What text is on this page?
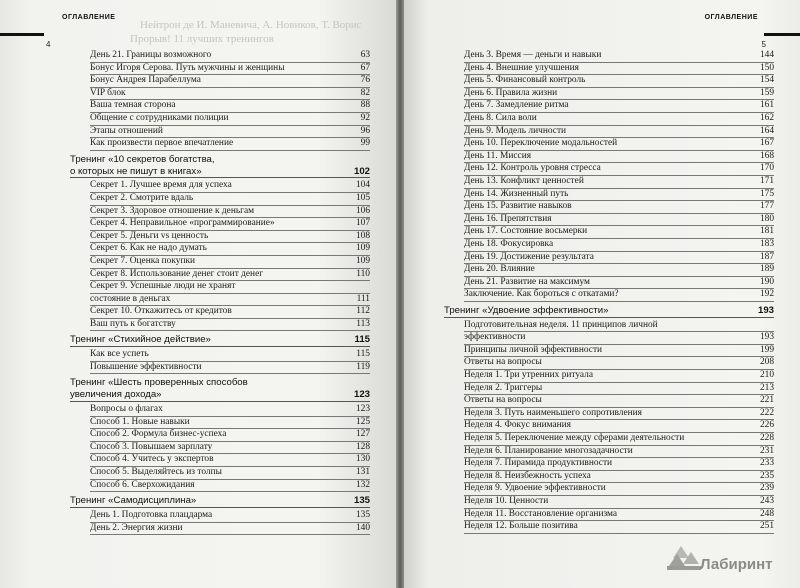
ОГЛАВЛЕНИЕ
4
Нейтрон де И. Маневича, А. Новиков, Т. Ворис
Прорыв! 11 лучших тренингов
День 21. Границы возможного	63
Бонус Игоря Серова. Путь мужчины и женщины	67
Бонус Андрея Парабеллума	76
VIP блок	82
Ваша темная сторона	88
Общение с сотрудниками полиции	92
Этапы отношений	96
Как произвести первое впечатление	99
Тренинг «10 секретов богатства,
о которых не пишут в книгах»	102
Секрет 1. Лучшее время для успеха	104
Секрет 2. Смотрите вдаль	105
Секрет 3. Здоровое отношение к деньгам	106
Секрет 4. Неправильное «программирование»	107
Секрет 5. Деньги vs ценность	108
Секрет 6. Как не надо думать	109
Секрет 7. Оценка покупки	109
Секрет 8. Использование денег стоит денег	110
Секрет 9. Успешные люди не хранят
состояние в деньгах	111
Секрет 10. Откажитесь от кредитов	112
Ваш путь к богатству	113
Тренинг «Стихийное действие»	115
Как все успеть	115
Повышение эффективности	119
Тренинг «Шесть проверенных способов
увеличения дохода»	123
Вопросы о флагах	123
Способ 1. Новые навыки	125
Способ 2. Формула бизнес-успеха	127
Способ 3. Повышаем зарплату	128
Способ 4. Учитесь у экспертов	130
Способ 5. Выделяйтесь из толпы	131
Способ 6. Сверхожидания	132
Тренинг «Самодисциплина»	135
День 1. Подготовка плацдарма	135
День 2. Энергия жизни	140
ОГЛАВЛЕНИЕ
5
День 3. Время — деньги и навыки	144
День 4. Внешние улучшения	150
День 5. Финансовый контроль	154
День 6. Правила жизни	159
День 7. Замедление ритма	161
День 8. Сила воли	162
День 9. Модель личности	164
День 10. Переключение модальностей	167
День 11. Миссия	168
День 12. Контроль уровня стресса	170
День 13. Конфликт ценностей	171
День 14. Жизненный путь	175
День 15. Развитие навыков	177
День 16. Препятствия	180
День 17. Состояние восьмерки	181
День 18. Фокусировка	183
День 19. Достижение результата	187
День 20. Влияние	189
День 21. Развитие на максимум	190
Заключение. Как бороться с откатами?	192
Тренинг «Удвоение эффективности»	193
Подготовительная неделя. 11 принципов личной
эффективности	193
Принципы личной эффективности	199
Ответы на вопросы	208
Неделя 1. Три утренних ритуала	210
Неделя 2. Триггеры	213
Ответы на вопросы	221
Неделя 3. Путь наименьшего сопротивления	222
Неделя 4. Фокус внимания	226
Неделя 5. Переключение между сферами деятельности	228
Неделя 6. Планирование многозадачности	231
Неделя 7. Пирамида продуктивности	233
Неделя 8. Неизбежность успеха	235
Неделя 9. Удвоение эффективности	239
Неделя 10. Ценности	243
Неделя 11. Восстановление организма	248
Неделя 12. Больше позитива	251
Лабиринт
